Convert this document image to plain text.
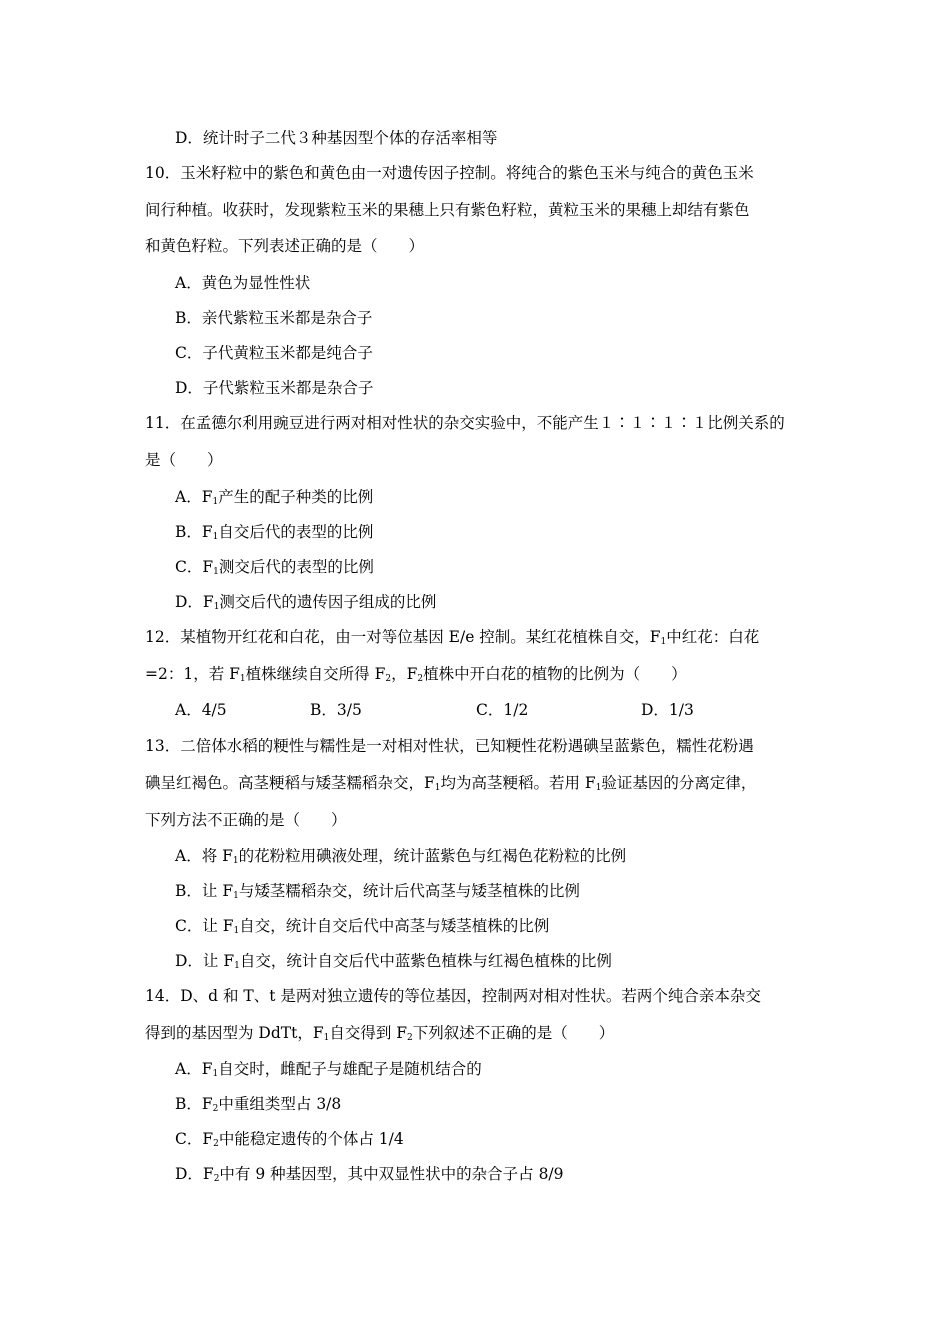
D．统计时子二代３种基因型个体的存活率相等
10．玉米籽粒中的紫色和黄色由一对遗传因子控制。将纯合的紫色玉米与纯合的黄色玉米
间行种植。收获时，发现紫粒玉米的果穗上只有紫色籽粒，黄粒玉米的果穗上却结有紫色
和黄色籽粒。下列表述正确的是（　　）
A．黄色为显性性状
B．亲代紫粒玉米都是杂合子
C．子代黄粒玉米都是纯合子
D．子代紫粒玉米都是杂合子
11．在孟德尔利用豌豆进行两对相对性状的杂交实验中，不能产生１∶１∶１∶１比例关系的
是（　　）
A．$F_1$产生的配子种类的比例
B．$F_1$自交后代的表型的比例
C．$F_1$测交后代的表型的比例
D．$F_1$测交后代的遗传因子组成的比例
12．某植物开红花和白花，由一对等位基因 E/e 控制。某红花植株自交，$F_1$中红花：白花
=2：1，若 $F_1$植株继续自交所得 $F_2$，$F_2$植株中开白花的植物的比例为（　　）
A．4/5	B．3/5	C．1/2	D．1/3
13．二倍体水稻的粳性与糯性是一对相对性状，已知粳性花粉遇碘呈蓝紫色，糯性花粉遇
碘呈红褐色。高茎粳稻与矮茎糯稻杂交，$F_1$均为高茎粳稻。若用 $F_1$验证基因的分离定律，
下列方法不正确的是（　　）
A．将 $F_1$的花粉粒用碘液处理，统计蓝紫色与红褐色花粉粒的比例
B．让 $F_1$与矮茎糯稻杂交，统计后代高茎与矮茎植株的比例
C．让 $F_1$自交，统计自交后代中高茎与矮茎植株的比例
D．让 $F_1$自交，统计自交后代中蓝紫色植株与红褐色植株的比例
14．D、d 和 T、t 是两对独立遗传的等位基因，控制两对相对性状。若两个纯合亲本杂交
得到的基因型为 DdTt，$F_1$自交得到 $F_2$下列叙述不正确的是（　　）
A．$F_1$自交时，雌配子与雄配子是随机结合的
B．$F_2$中重组类型占 3/8
C．$F_2$中能稳定遗传的个体占 1/4
D．$F_2$中有 9 种基因型，其中双显性状中的杂合子占 8/9
